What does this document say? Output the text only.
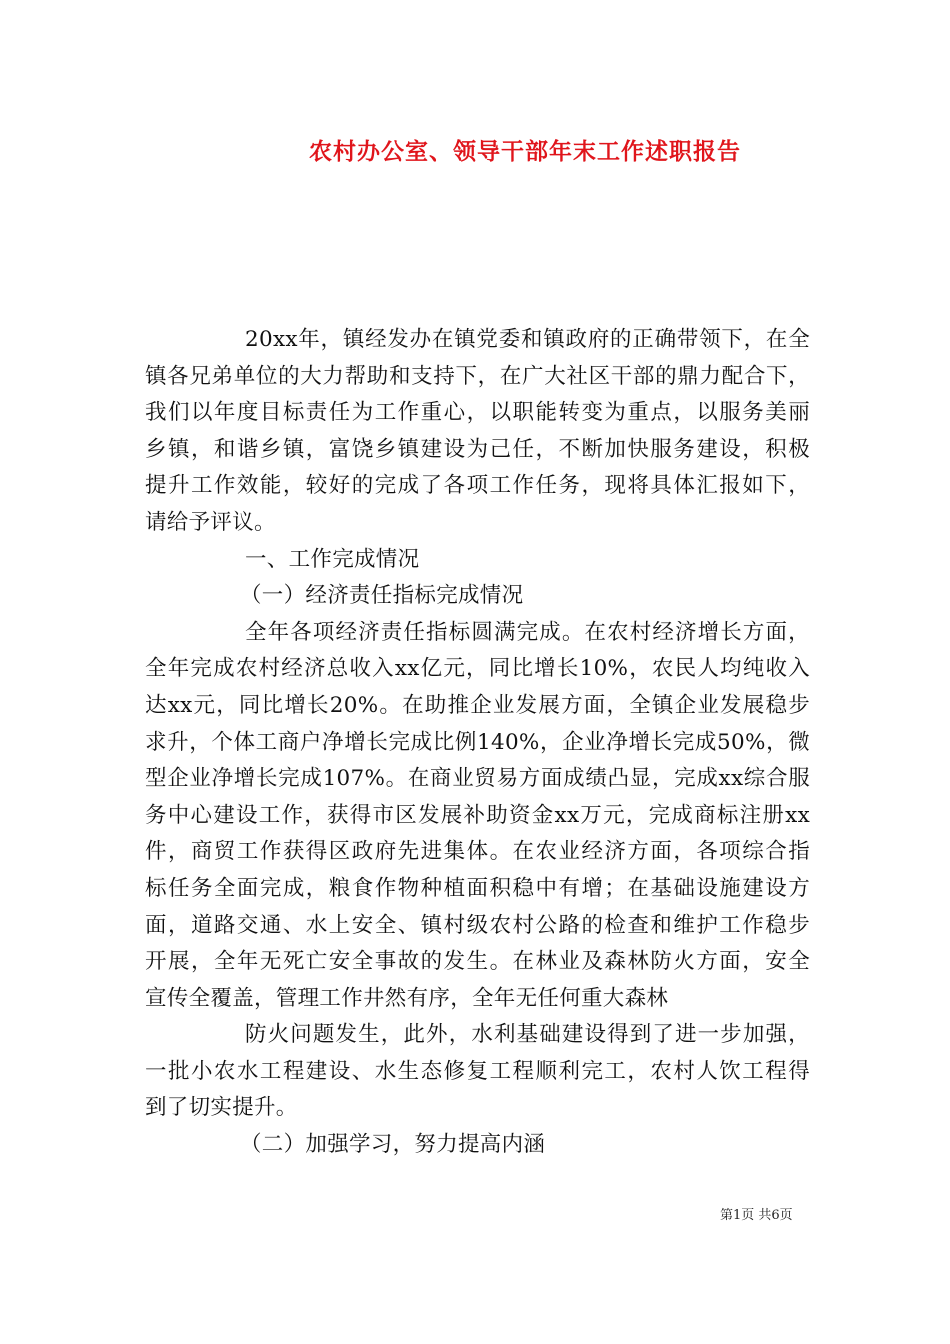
农村办公室、领导干部年末工作述职报告
20xx年，镇经发办在镇党委和镇政府的正确带领下，在全
镇各兄弟单位的大力帮助和支持下，在广大社区干部的鼎力配合下，
我们以年度目标责任为工作重心，以职能转变为重点，以服务美丽
乡镇，和谐乡镇，富饶乡镇建设为己任，不断加快服务建设，积极
提升工作效能，较好的完成了各项工作任务，现将具体汇报如下，
请给予评议。
一、工作完成情况
（一）经济责任指标完成情况
全年各项经济责任指标圆满完成。在农村经济增长方面，
全年完成农村经济总收入xx亿元，同比增长10%，农民人均纯收入
达xx元，同比增长20%。在助推企业发展方面，全镇企业发展稳步
求升，个体工商户净增长完成比例140%，企业净增长完成50%，微
型企业净增长完成107%。在商业贸易方面成绩凸显，完成xx综合服
务中心建设工作，获得市区发展补助资金xx万元，完成商标注册xx
件，商贸工作获得区政府先进集体。在农业经济方面，各项综合指
标任务全面完成，粮食作物种植面积稳中有增；在基础设施建设方
面，道路交通、水上安全、镇村级农村公路的检查和维护工作稳步
开展，全年无死亡安全事故的发生。在林业及森林防火方面，安全
宣传全覆盖，管理工作井然有序，全年无任何重大森林
防火问题发生，此外，水利基础建设得到了进一步加强，
一批小农水工程建设、水生态修复工程顺利完工，农村人饮工程得
到了切实提升。
（二）加强学习，努力提高内涵
第1页 共6页
